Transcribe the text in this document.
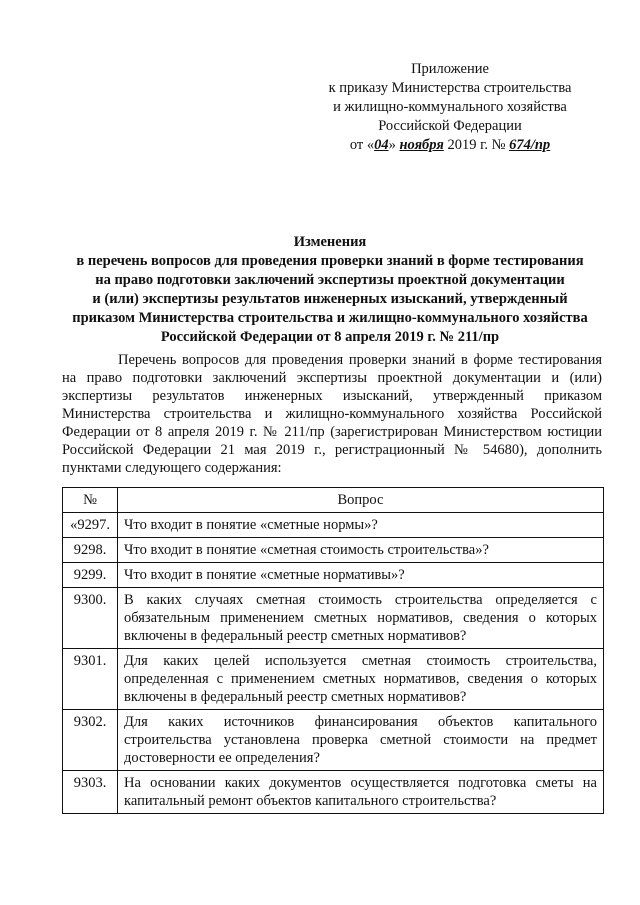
Приложение
к приказу Министерства строительства
и жилищно-коммунального хозяйства
Российской Федерации
от «04» ноября 2019 г. № 674/пр
Изменения
в перечень вопросов для проведения проверки знаний в форме тестирования
на право подготовки заключений экспертизы проектной документации
и (или) экспертизы результатов инженерных изысканий, утвержденный
приказом Министерства строительства и жилищно-коммунального хозяйства
Российской Федерации от 8 апреля 2019 г. № 211/пр
Перечень вопросов для проведения проверки знаний в форме тестирования
на право подготовки заключений экспертизы проектной документации и (или)
экспертизы результатов инженерных изысканий, утвержденный приказом
Министерства строительства и жилищно-коммунального хозяйства Российской
Федерации от 8 апреля 2019 г. № 211/пр (зарегистрирован Министерством юстиции
Российской Федерации 21 мая 2019 г., регистрационный № 54680), дополнить
пунктами следующего содержания:
№	Вопрос
«9297.	Что входит в понятие «сметные нормы»?
9298.	Что входит в понятие «сметная стоимость строительства»?
9299.	Что входит в понятие «сметные нормативы»?
9300.	В каких случаях сметная стоимость строительства определяется с обязательным применением сметных нормативов, сведения о которых включены в федеральный реестр сметных нормативов?
9301.	Для каких целей используется сметная стоимость строительства, определенная с применением сметных нормативов, сведения о которых включены в федеральный реестр сметных нормативов?
9302.	Для каких источников финансирования объектов капитального строительства установлена проверка сметной стоимости на предмет достоверности ее определения?
9303.	На основании каких документов осуществляется подготовка сметы на капитальный ремонт объектов капитального строительства?
